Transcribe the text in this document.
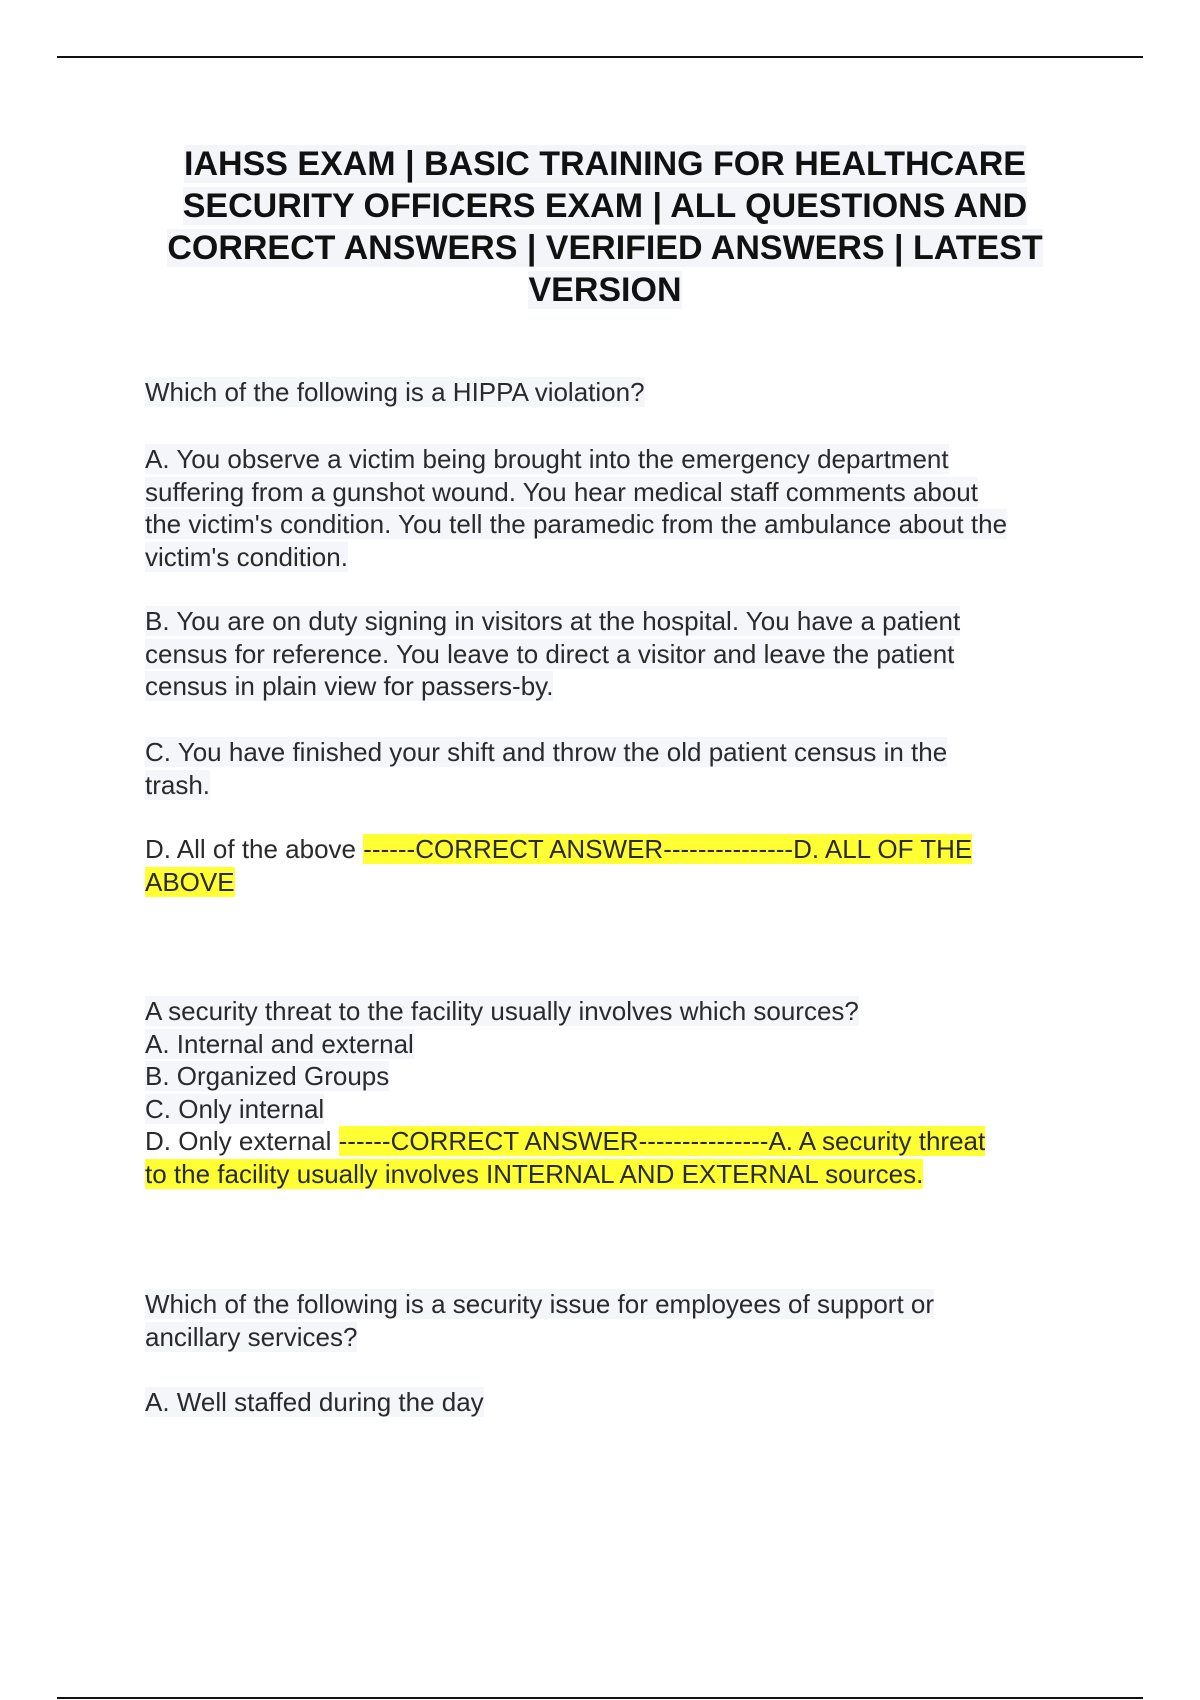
IAHSS EXAM | BASIC TRAINING FOR HEALTHCARE
SECURITY OFFICERS EXAM | ALL QUESTIONS AND
CORRECT ANSWERS | VERIFIED ANSWERS | LATEST
VERSION
Which of the following is a HIPPA violation?
A. You observe a victim being brought into the emergency department
suffering from a gunshot wound. You hear medical staff comments about
the victim's condition. You tell the paramedic from the ambulance about the
victim's condition.
B. You are on duty signing in visitors at the hospital. You have a patient
census for reference. You leave to direct a visitor and leave the patient
census in plain view for passers-by.
C. You have finished your shift and throw the old patient census in the
trash.
D. All of the above ------CORRECT ANSWER---------------D. ALL OF THE
ABOVE
A security threat to the facility usually involves which sources?
A. Internal and external
B. Organized Groups
C. Only internal
D. Only external ------CORRECT ANSWER---------------A. A security threat
to the facility usually involves INTERNAL AND EXTERNAL sources.
Which of the following is a security issue for employees of support or
ancillary services?
A. Well staffed during the day
